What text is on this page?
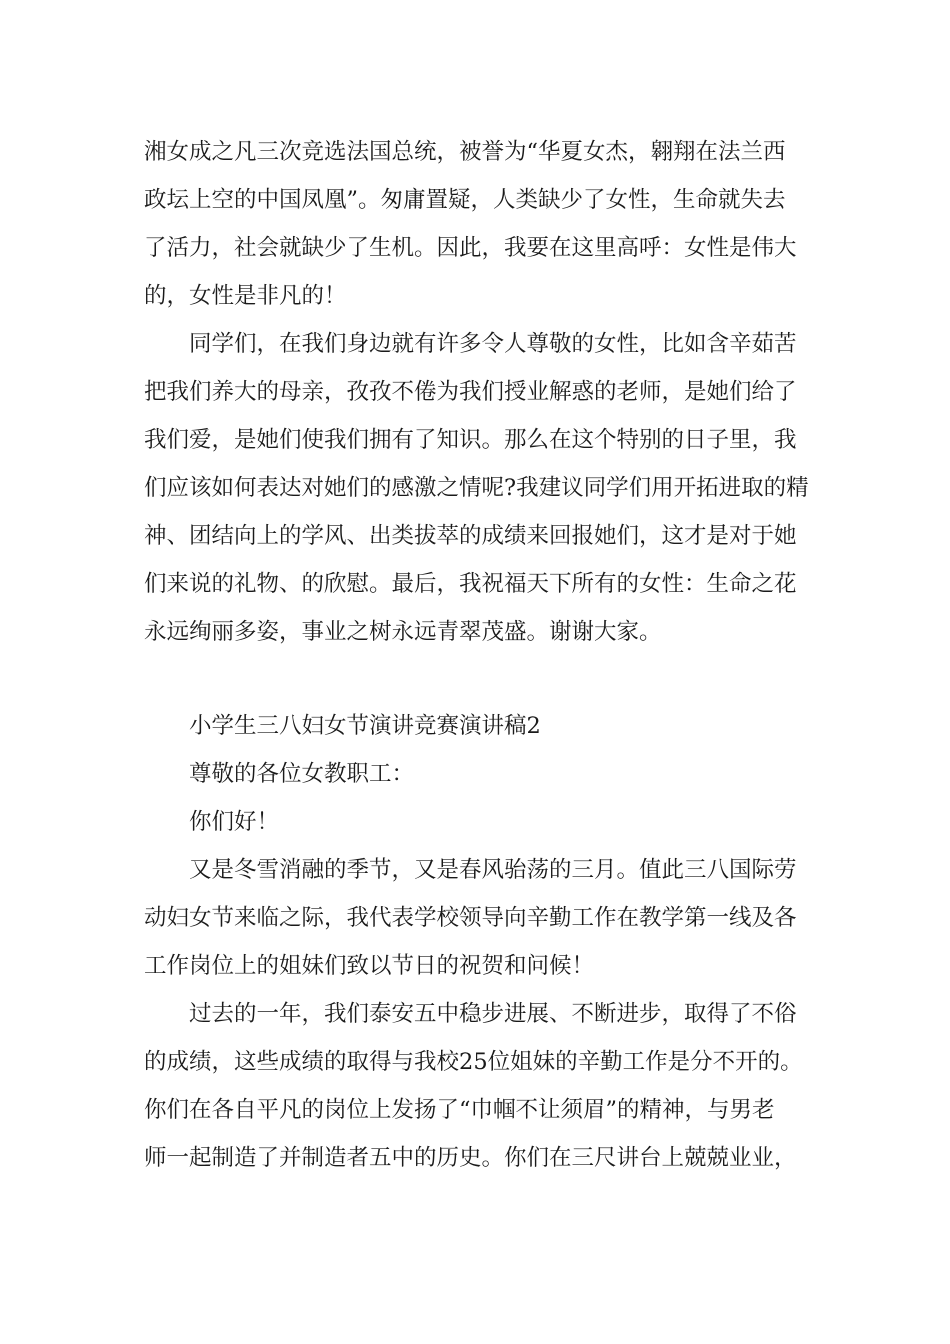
湘女成之凡三次竞选法国总统，被誉为“华夏女杰，翱翔在法兰西
政坛上空的中国凤凰”。匆庸置疑，人类缺少了女性，生命就失去
了活力，社会就缺少了生机。因此，我要在这里高呼：女性是伟大
的，女性是非凡的！
同学们，在我们身边就有许多令人尊敬的女性，比如含辛茹苦
把我们养大的母亲，孜孜不倦为我们授业解惑的老师，是她们给了
我们爱，是她们使我们拥有了知识。那么在这个特别的日子里，我
们应该如何表达对她们的感激之情呢?我建议同学们用开拓进取的精
神、团结向上的学风、出类拔萃的成绩来回报她们，这才是对于她
们来说的礼物、的欣慰。最后，我祝福天下所有的女性：生命之花
永远绚丽多姿，事业之树永远青翠茂盛。谢谢大家。
小学生三八妇女节演讲竞赛演讲稿2
尊敬的各位女教职工：
你们好！
又是冬雪消融的季节，又是春风骀荡的三月。值此三八国际劳
动妇女节来临之际，我代表学校领导向辛勤工作在教学第一线及各
工作岗位上的姐妹们致以节日的祝贺和问候！
过去的一年，我们泰安五中稳步进展、不断进步，取得了不俗
的成绩，这些成绩的取得与我校25位姐妹的辛勤工作是分不开的。
你们在各自平凡的岗位上发扬了“巾帼不让须眉”的精神，与男老
师一起制造了并制造者五中的历史。你们在三尺讲台上兢兢业业，
